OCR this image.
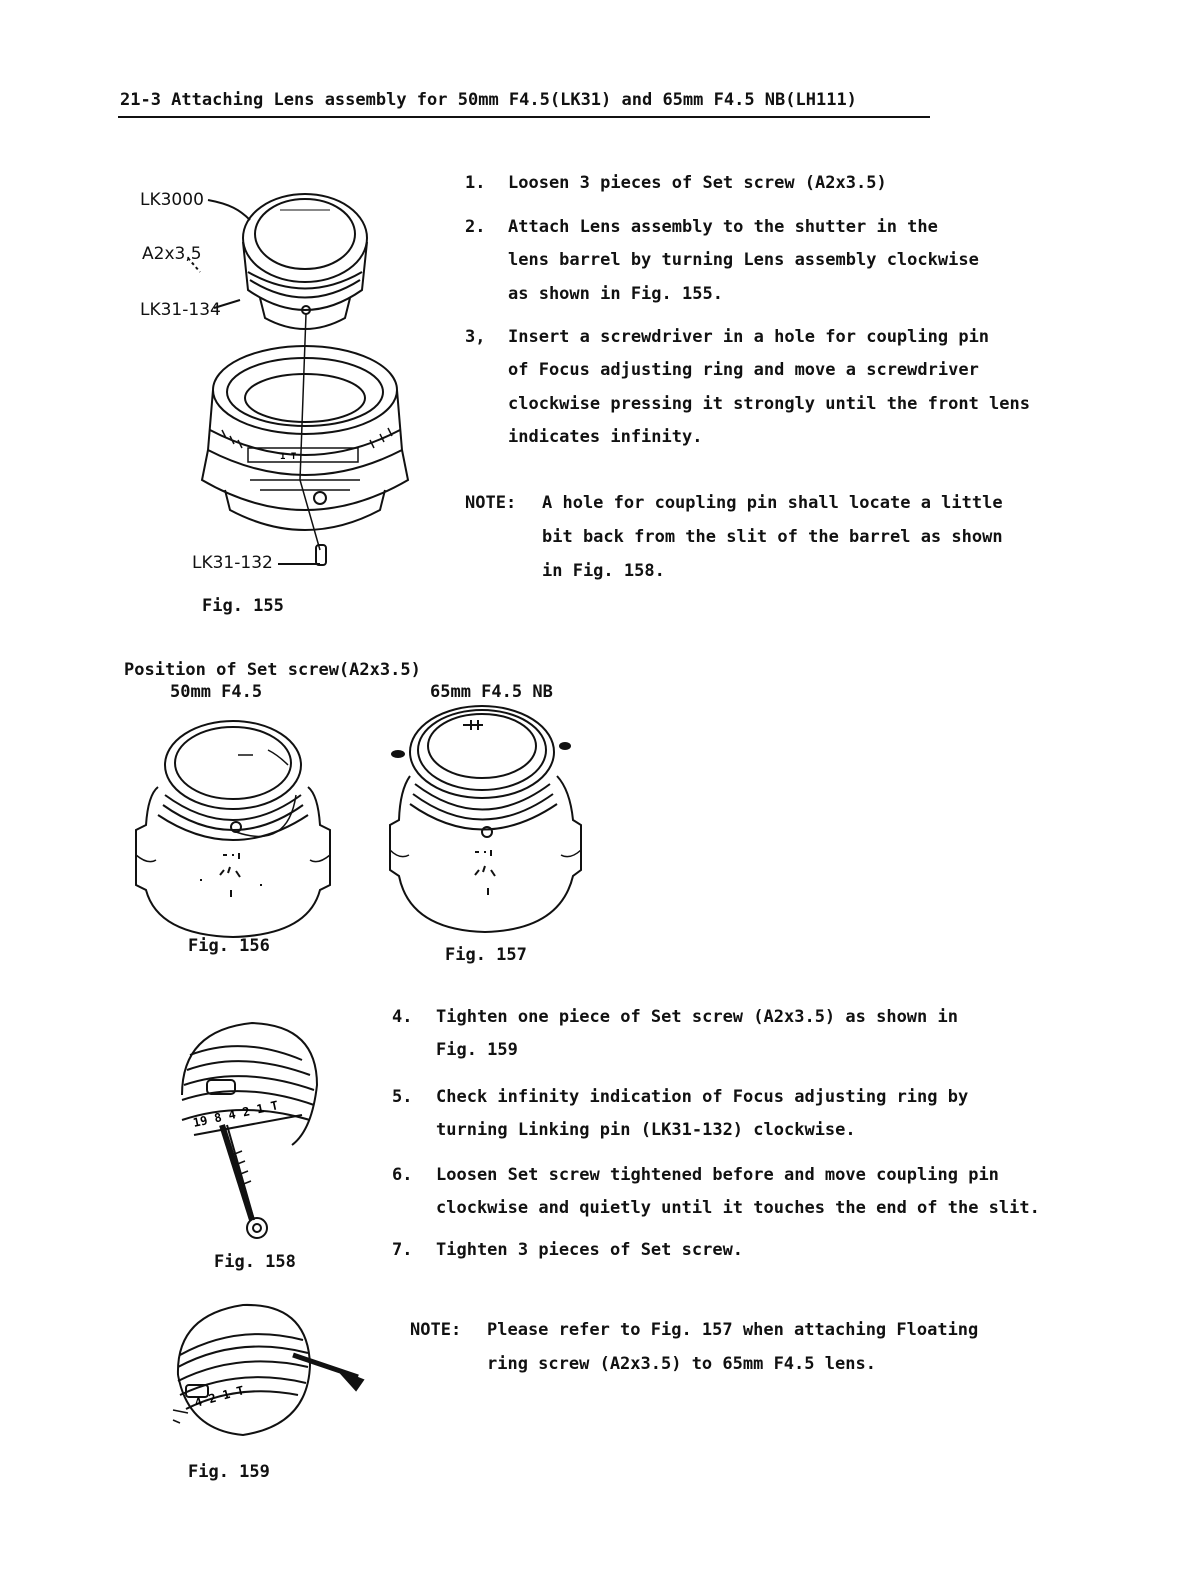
21-3 Attaching Lens assembly for 50mm F4.5(LK31) and 65mm F4.5 NB(LH111)
LK3000
A2x3,5
LK31-134
LK31-132
1 T
Fig. 155
1. Loosen 3 pieces of Set screw (A2x3.5)
2. Attach Lens assembly to the shutter in the
lens barrel by turning Lens assembly clockwise
as shown in Fig. 155.
3, Insert a screwdriver in a hole for coupling pin
of Focus adjusting ring and move a screwdriver
clockwise pressing it strongly until the front lens
indicates infinity.
NOTE: A hole for coupling pin shall locate a little
bit back from the slit of the barrel as shown
in Fig. 158.
Position of Set screw(A2x3.5)
50mm F4.5	65mm F4.5 NB
Fig. 156	Fig. 157
19 8 4 2 1 T
Fig. 158
4. Tighten one piece of Set screw (A2x3.5) as shown in
Fig. 159
5. Check infinity indication of Focus adjusting ring by
turning Linking pin (LK31-132) clockwise.
6. Loosen Set screw tightened before and move coupling pin
clockwise and quietly until it touches the end of the slit.
7. Tighten 3 pieces of Set screw.
NOTE: Please refer to Fig. 157 when attaching Floating
ring screw (A2x3.5) to 65mm F4.5 lens.
4 2 1 T
Fig. 159
